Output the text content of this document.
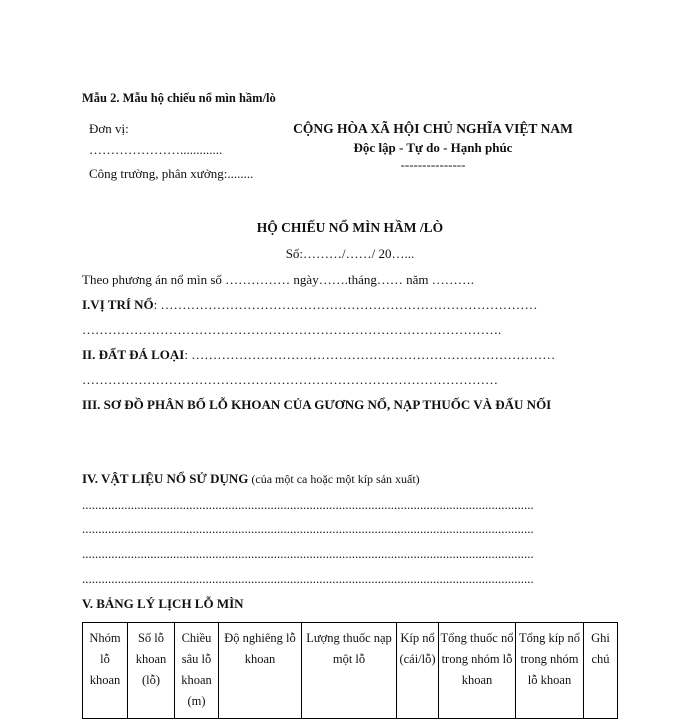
Mẫu 2. Mẫu hộ chiếu nổ mìn hầm/lò
Đơn vị:
………………….............
Công trường, phân xưởng:........
CỘNG HÒA XÃ HỘI CHỦ NGHĨA VIỆT NAM
Độc lập - Tự do - Hạnh phúc
---------------
HỘ CHIẾU NỔ MÌN HẦM /LÒ
Số:………/……/ 20…...
Theo phương án nổ mìn số …………… ngày…….tháng…… năm ……….
I.VỊ TRÍ NỔ: ……………………………………………………………………………
…………………………………………………………………………………….
II. ĐẤT ĐÁ LOẠI: …………………………………………………………………………
……………………………………………………………………………………
III. SƠ ĐỒ PHÂN BỐ LỖ KHOAN CỦA GƯƠNG NỔ, NẠP THUỐC VÀ ĐẤU NỐI
IV. VẬT LIỆU NỔ SỬ DỤNG (của một ca hoặc một kíp sản xuất)
...........................................................................................................................................
...........................................................................................................................................
...........................................................................................................................................
...........................................................................................................................................
V. BẢNG LÝ LỊCH LỖ MÌN
Nhóm lỗ khoan	Số lỗ khoan (lỗ)	Chiều sâu lỗ khoan (m)	Độ nghiêng lỗ khoan	Lượng thuốc nạp một lỗ	Kíp nổ (cái/lỗ)	Tổng thuốc nổ trong nhóm lỗ khoan	Tổng kíp nổ trong nhóm lỗ khoan	Ghi chú
